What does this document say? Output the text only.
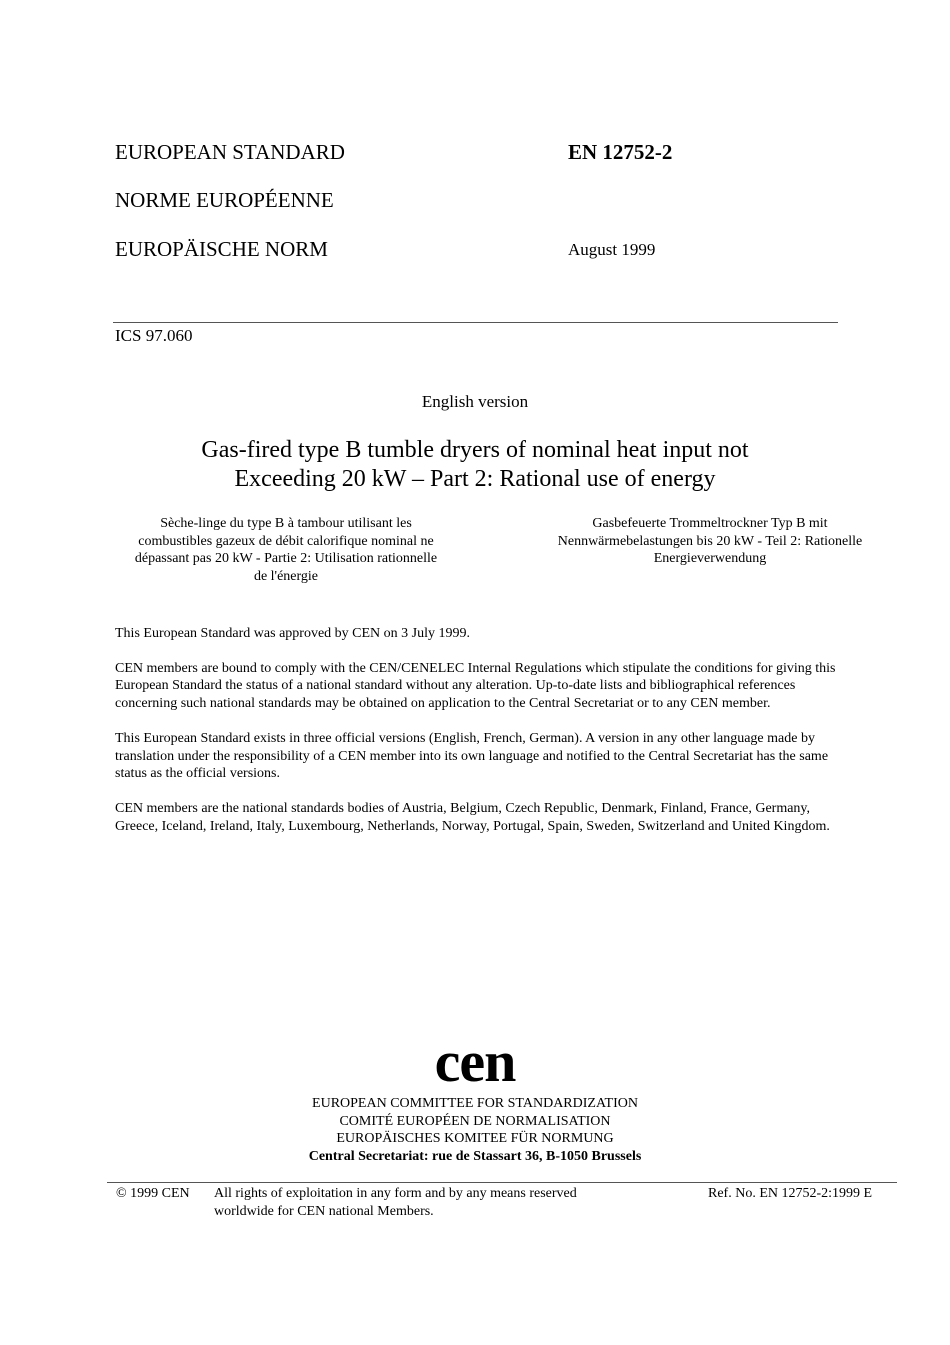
EUROPEAN STANDARD	EN 12752-2
NORME EUROPÉENNE
EUROPÄISCHE NORM	August 1999
ICS 97.060
English version
Gas-fired type B tumble dryers of nominal heat input not
Exceeding 20 kW – Part 2: Rational use of energy
Sèche-linge du type B à tambour utilisant les
combustibles gazeux de débit calorifique nominal ne
dépassant pas 20 kW - Partie 2: Utilisation rationnelle
de l'énergie
Gasbefeuerte Trommeltrockner Typ B mit
Nennwärmebelastungen bis 20 kW - Teil 2: Rationelle
Energieverwendung

This European Standard was approved by CEN on 3 July 1999.

CEN members are bound to comply with the CEN/CENELEC Internal Regulations which stipulate the conditions for giving this European Standard the status of a national standard without any alteration. Up-to-date lists and bibliographical references concerning such national standards may be obtained on application to the Central Secretariat or to any CEN member.

This European Standard exists in three official versions (English, French, German). A version in any other language made by translation under the responsibility of a CEN member into its own language and notified to the Central Secretariat has the same status as the official versions.

CEN members are the national standards bodies of Austria, Belgium, Czech Republic, Denmark, Finland, France, Germany, Greece, Iceland, Ireland, Italy, Luxembourg, Netherlands, Norway, Portugal, Spain, Sweden, Switzerland and United Kingdom.

cen
EUROPEAN COMMITTEE FOR STANDARDIZATION
COMITÉ EUROPÉEN DE NORMALISATION
EUROPÄISCHES KOMITEE FÜR NORMUNG
Central Secretariat: rue de Stassart 36, B-1050 Brussels
© 1999 CEN All rights of exploitation in any form and by any means reserved
worldwide for CEN national Members.
Ref. No. EN 12752-2:1999 E
